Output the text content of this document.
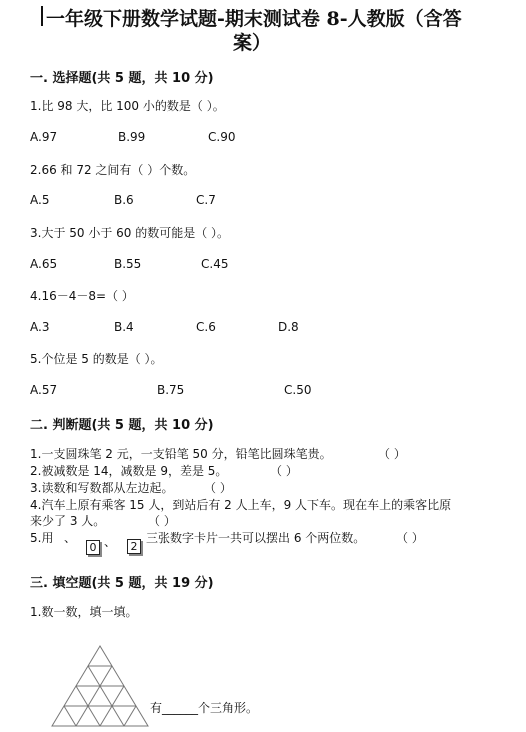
一年级下册数学试题-期末测试卷 8-人教版（含答
案）
一. 选择题(共 5 题，共 10 分)
1.比 98 大，比 100 小的数是（ ）。
A.97	B.99	C.90
2.66 和 72 之间有（ ）个数。
A.5	B.6	C.7
3.大于 50 小于 60 的数可能是（ ）。
A.65	B.55	C.45
4.16－4－8=（ ）
A.3	B.4	C.6	D.8
5.个位是 5 的数是（ ）。
A.57	B.75	C.50
二. 判断题(共 5 题，共 10 分)
1.一支圆珠笔 2 元，一支铅笔 50 分，铅笔比圆珠笔贵。	（ ）
2.被减数是 14，减数是 9，差是 5。	（ ）
3.读数和写数都从左边起。	（ ）
4.汽车上原有乘客 15 人，到站后有 2 人上车，9 人下车。现在车上的乘客比原
来少了 3 人。	（ ）
5.用 、 、
0	2
三张数字卡片一共可以摆出 6 个两位数。	（ ）
三. 填空题(共 5 题，共 19 分)
1.数一数，填一填。
有______个三角形。
